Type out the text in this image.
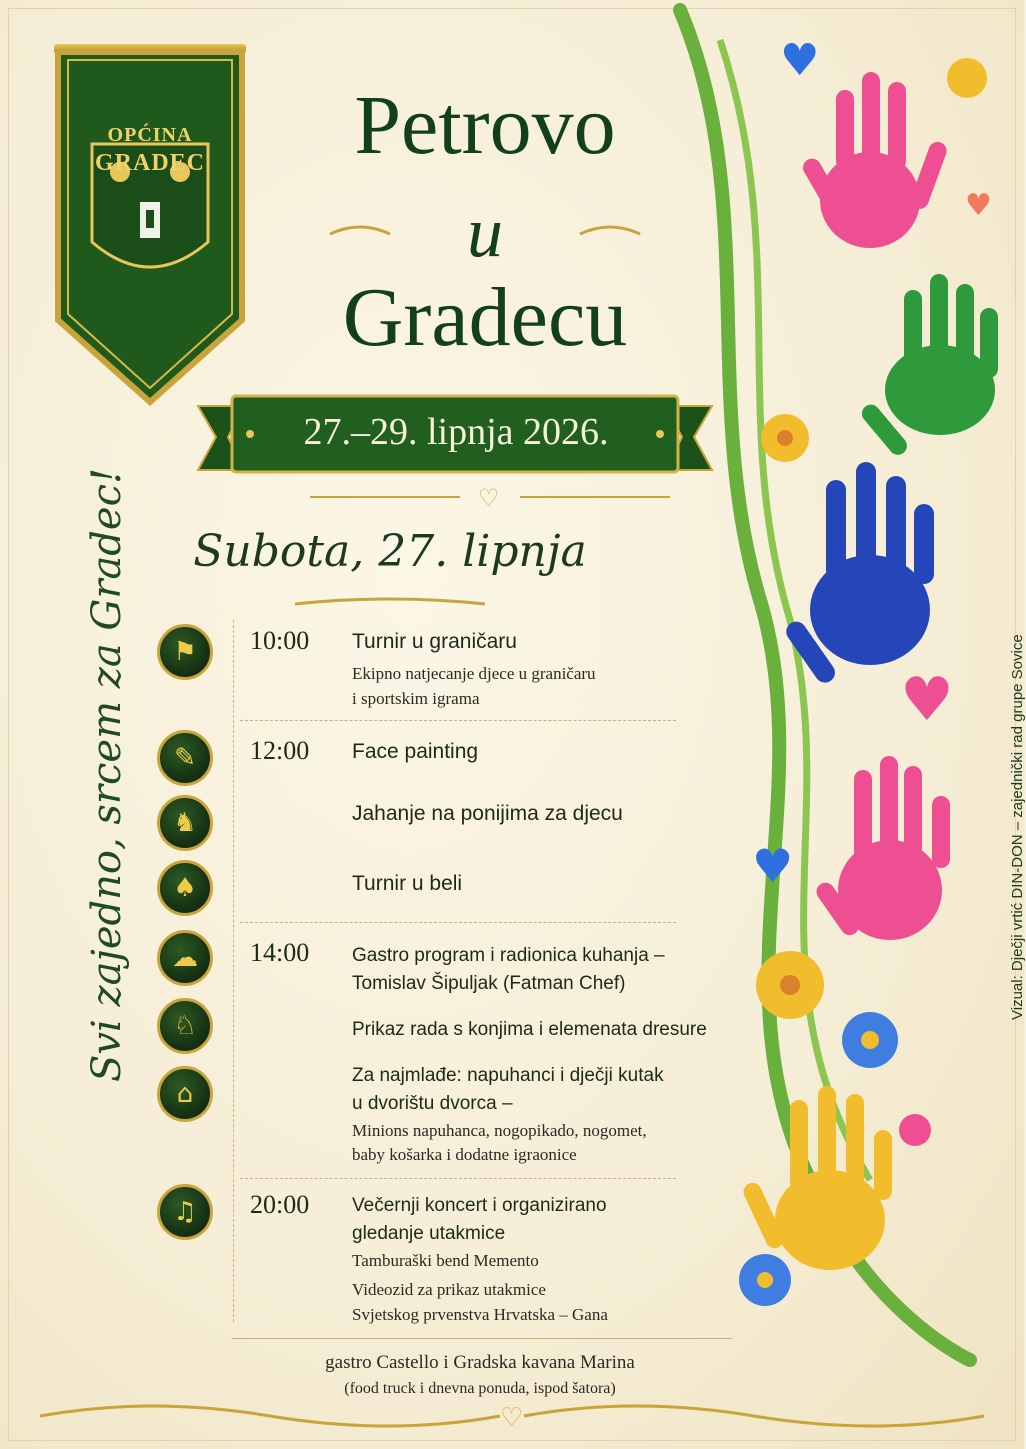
♥
♥
♥
♥
OPĆINA
GRADEC	Petrovo
u
Gradecu
27.–29. lipnja 2026.
♡
Subota, 27. lipnja
Svi zajedno, srcem za Gradec!	Vizual: Dječji vrtić DIN-DON – zajednički rad grupe Sovice
⚑
✎
♞
♠
☁
♘
⌂
♫
10:00 Turnir u graničaru
Ekipno natjecanje djece u graničaru
i sportskim igrama
12:00 Face painting
Jahanje na ponijima za djecu
Turnir u beli
14:00 Gastro program i radionica kuhanja –
Tomislav Šipuljak (Fatman Chef)
Prikaz rada s konjima i elemenata dresure
Za najmlađe: napuhanci i dječji kutak
u dvorištu dvorca –
Minions napuhanca, nogopikado, nogomet,
baby košarka i dodatne igraonice
20:00 Večernji koncert i organizirano
gledanje utakmice
Tamburaški bend Memento
Videozid za prikaz utakmice
Svjetskog prvenstva Hrvatska – Gana
gastro Castello i Gradska kavana Marina
(food truck i dnevna ponuda, ispod šatora)
♡
